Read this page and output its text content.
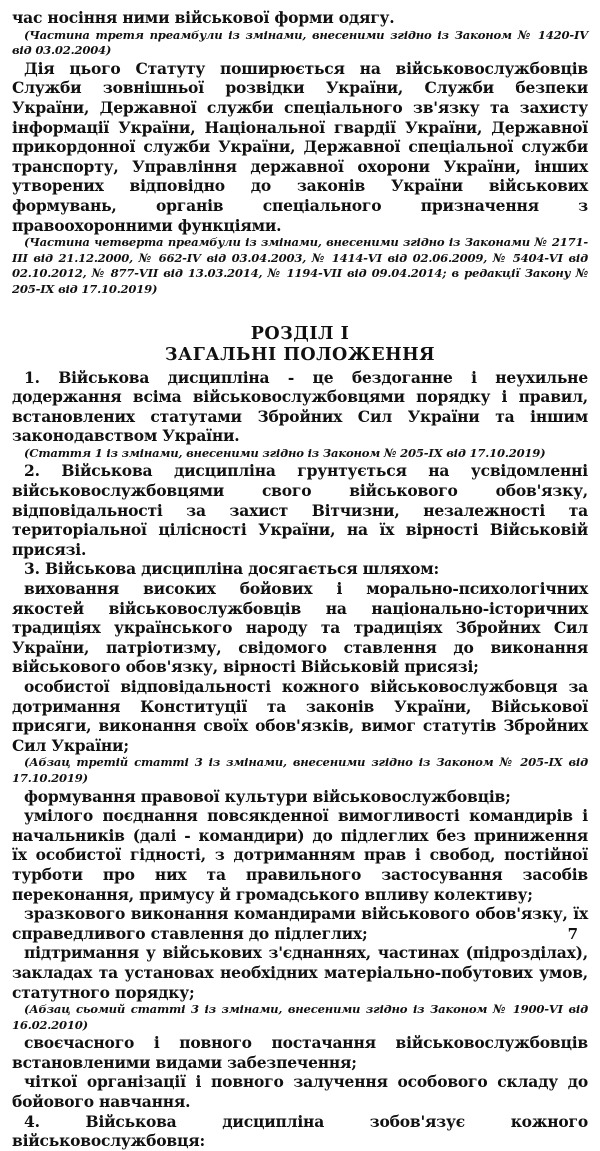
час носіння ними військової форми одягу.

(Частина третя преамбули із змінами, внесеними згідно із Законом № 1420-IV від 03.02.2004)

Дія цього Статуту поширюється на військовослужбовців Служби зовнішньої розвідки України, Служби безпеки України, Державної служби спеціального зв'язку та захисту інформації України, Національної гвардії України, Державної прикордонної служби України, Державної спеціальної служби транспорту, Управління державної охорони України, інших утворених відповідно до законів України військових формувань, органів спеціального призначення з правоохоронними функціями.

(Частина четверта преамбули із змінами, внесеними згідно із Законами № 2171-III від 21.12.2000, № 662-IV від 03.04.2003, № 1414-VI від 02.06.2009, № 5404-VI від 02.10.2012, № 877-VII від 13.03.2014, № 1194-VII від 09.04.2014; в редакції Закону № 205-IX від 17.10.2019)

РОЗДІЛ І

ЗАГАЛЬНІ ПОЛОЖЕННЯ

1. Військова дисципліна - це бездоганне і неухильне додержання всіма військовослужбовцями порядку і правил, встановлених статутами Збройних Сил України та іншим законодавством України.

(Стаття 1 із змінами, внесеними згідно із Законом № 205-IX від 17.10.2019)

2. Військова дисципліна грунтується на усвідомленні військовослужбовцями свого військового обов'язку, відповідальності за захист Вітчизни, незалежності та територіальної цілісності України, на їх вірності Військовій присязі.

3. Військова дисципліна досягається шляхом:

виховання високих бойових і морально-психологічних якостей військовослужбовців на національно-історичних традиціях українського народу та традиціях Збройних Сил України, патріотизму, свідомого ставлення до виконання військового обов'язку, вірності Військовій присязі;

особистої відповідальності кожного військовослужбовця за дотримання Конституції та законів України, Військової присяги, виконання своїх обов'язків, вимог статутів Збройних Сил України;

(Абзац третій статті 3 із змінами, внесеними згідно із Законом № 205-IX від 17.10.2019)

формування правової культури військовослужбовців;

умілого поєднання повсякденної вимогливості командирів і начальників (далі - командири) до підлеглих без приниження їх особистої гідності, з дотриманням прав і свобод, постійної турботи про них та правильного застосування засобів переконання, примусу й громадського впливу колективу;

зразкового виконання командирами військового обов'язку, їх справедливого ставлення до підлеглих;

підтримання у військових з'єднаннях, частинах (підрозділах), закладах та установах необхідних матеріально-побутових умов, статутного порядку;

(Абзац сьомий статті 3 із змінами, внесеними згідно із Законом № 1900-VI від 16.02.2010)

своєчасного і повного постачання військовослужбовців встановленими видами забезпечення;

чіткої організації і повного залучення особового складу до бойового навчання.

4. Військова дисципліна зобов'язує кожного військовослужбовця:

7
